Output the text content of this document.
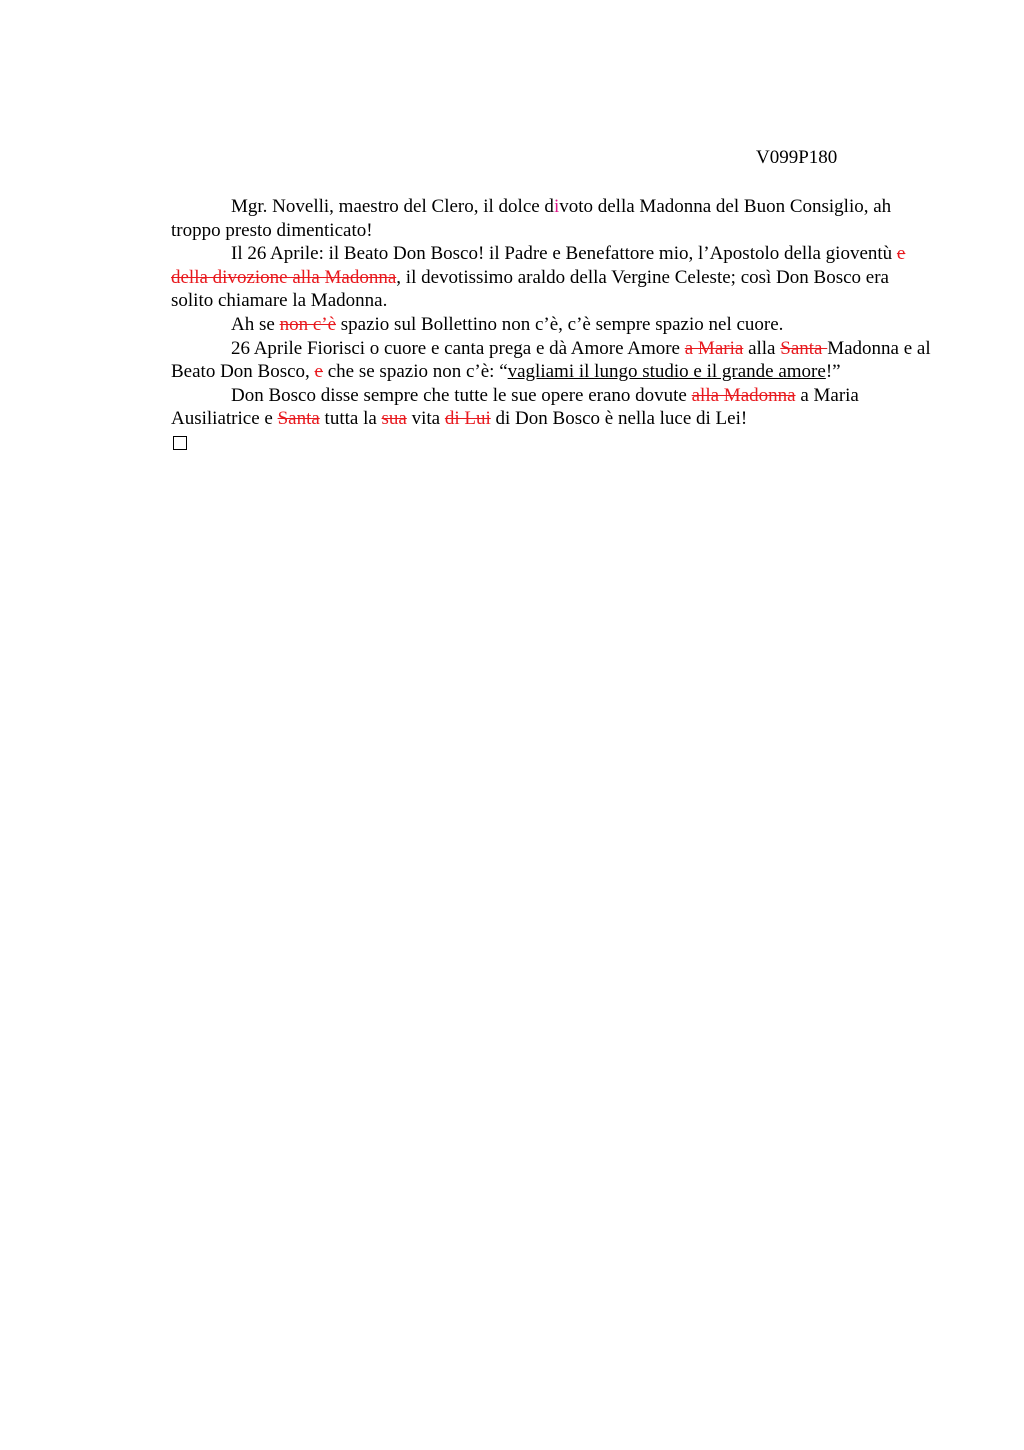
V099P180

Mgr. Novelli, maestro del Clero, il dolce divoto della Madonna del Buon Consiglio, ah troppo presto dimenticato!

Il 26 Aprile: il Beato Don Bosco! il Padre e Benefattore mio, l’Apostolo della gioventù e della divozione alla Madonna, il devotissimo araldo della Vergine Celeste; così Don Bosco era solito chiamare la Madonna.

Ah se non c’è spazio sul Bollettino non c’è, c’è sempre spazio nel cuore.

26 Aprile Fiorisci o cuore e canta prega e dà Amore Amore a Maria alla Santa Madonna e al Beato Don Bosco, e che se spazio non c’è: “vagliami il lungo studio e il grande amore!”

Don Bosco disse sempre che tutte le sue opere erano dovute alla Madonna a Maria Ausiliatrice e Santa tutta la sua vita di Lui di Don Bosco è nella luce di Lei!
